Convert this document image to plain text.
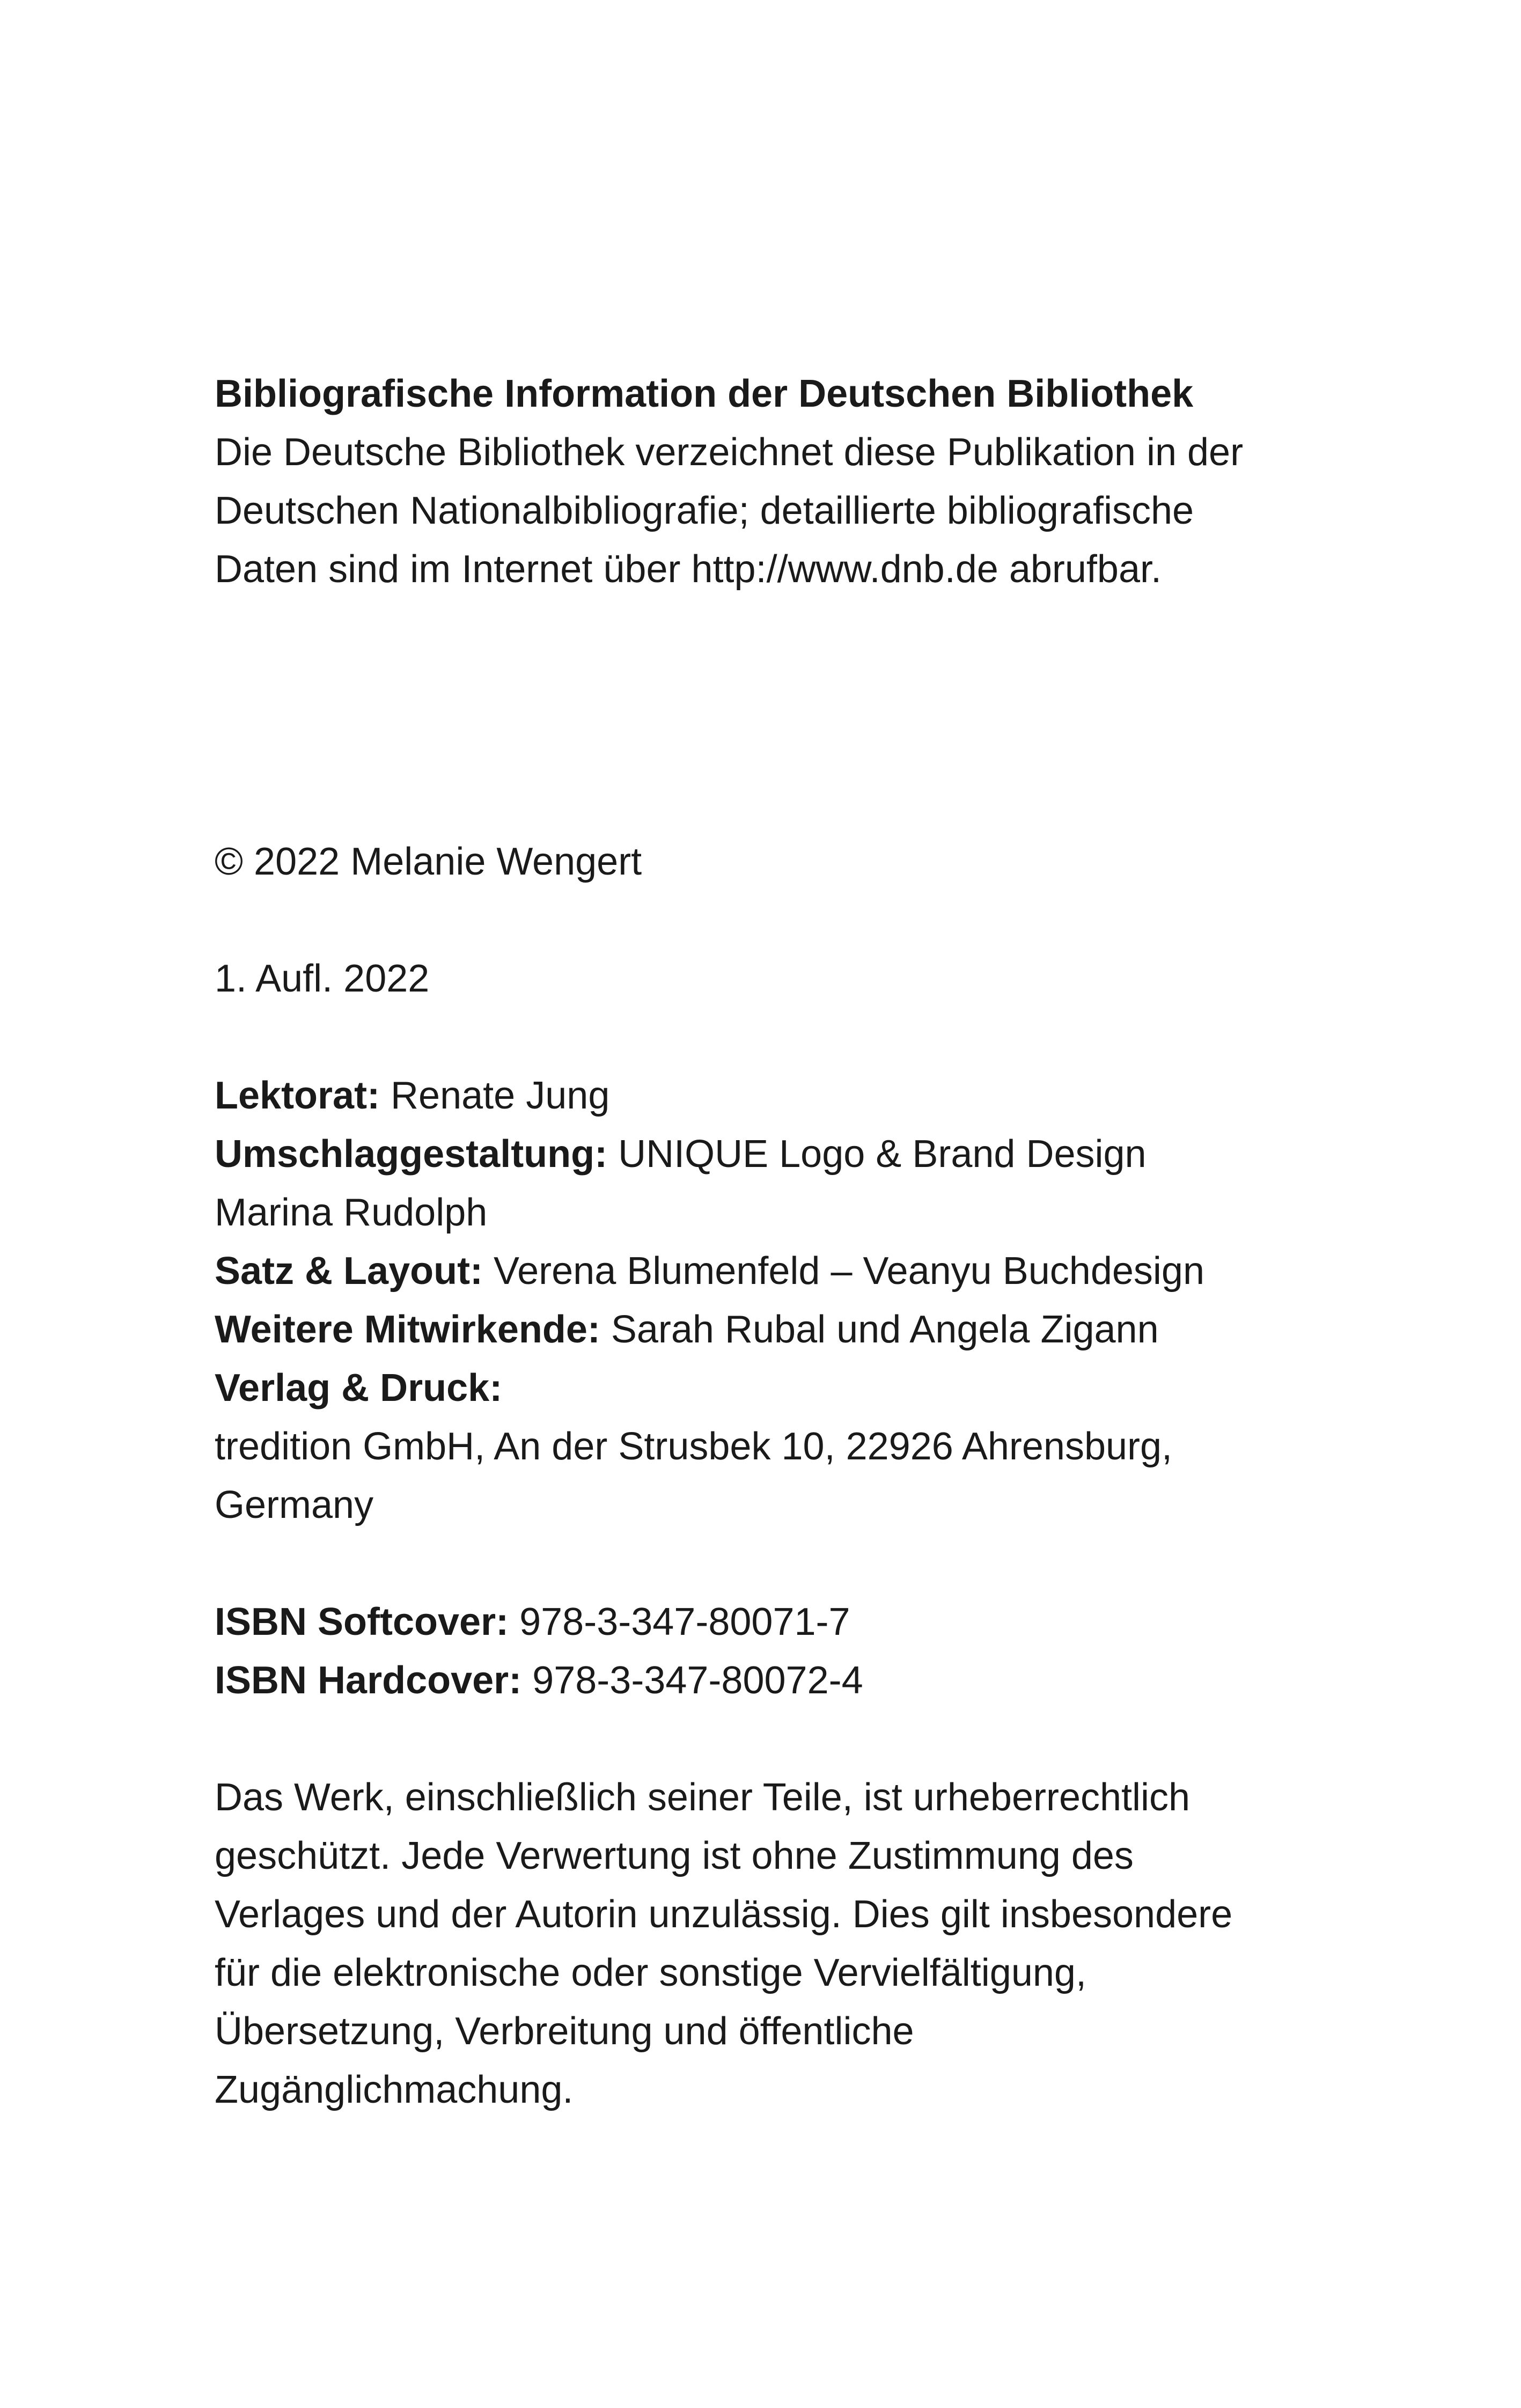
Bibliografische Information der Deutschen Bibliothek
Die Deutsche Bibliothek verzeichnet diese Publikation in der
Deutschen Nationalbibliografie; detaillierte bibliografische
Daten sind im Internet über http://www.dnb.de abrufbar.
© 2022 Melanie Wengert
1. Aufl. 2022
Lektorat: Renate Jung
Umschlaggestaltung: UNIQUE Logo & Brand Design
Marina Rudolph
Satz & Layout: Verena Blumenfeld – Veanyu Buchdesign
Weitere Mitwirkende: Sarah Rubal und Angela Zigann
Verlag & Druck:
tredition GmbH, An der Strusbek 10, 22926 Ahrensburg,
Germany
ISBN Softcover: 978-3-347-80071-7
ISBN Hardcover: 978-3-347-80072-4
Das Werk, einschließlich seiner Teile, ist urheberrechtlich
geschützt. Jede Verwertung ist ohne Zustimmung des
Verlages und der Autorin unzulässig. Dies gilt insbesondere
für die elektronische oder sonstige Vervielfältigung,
Übersetzung, Verbreitung und öffentliche
Zugänglichmachung.
